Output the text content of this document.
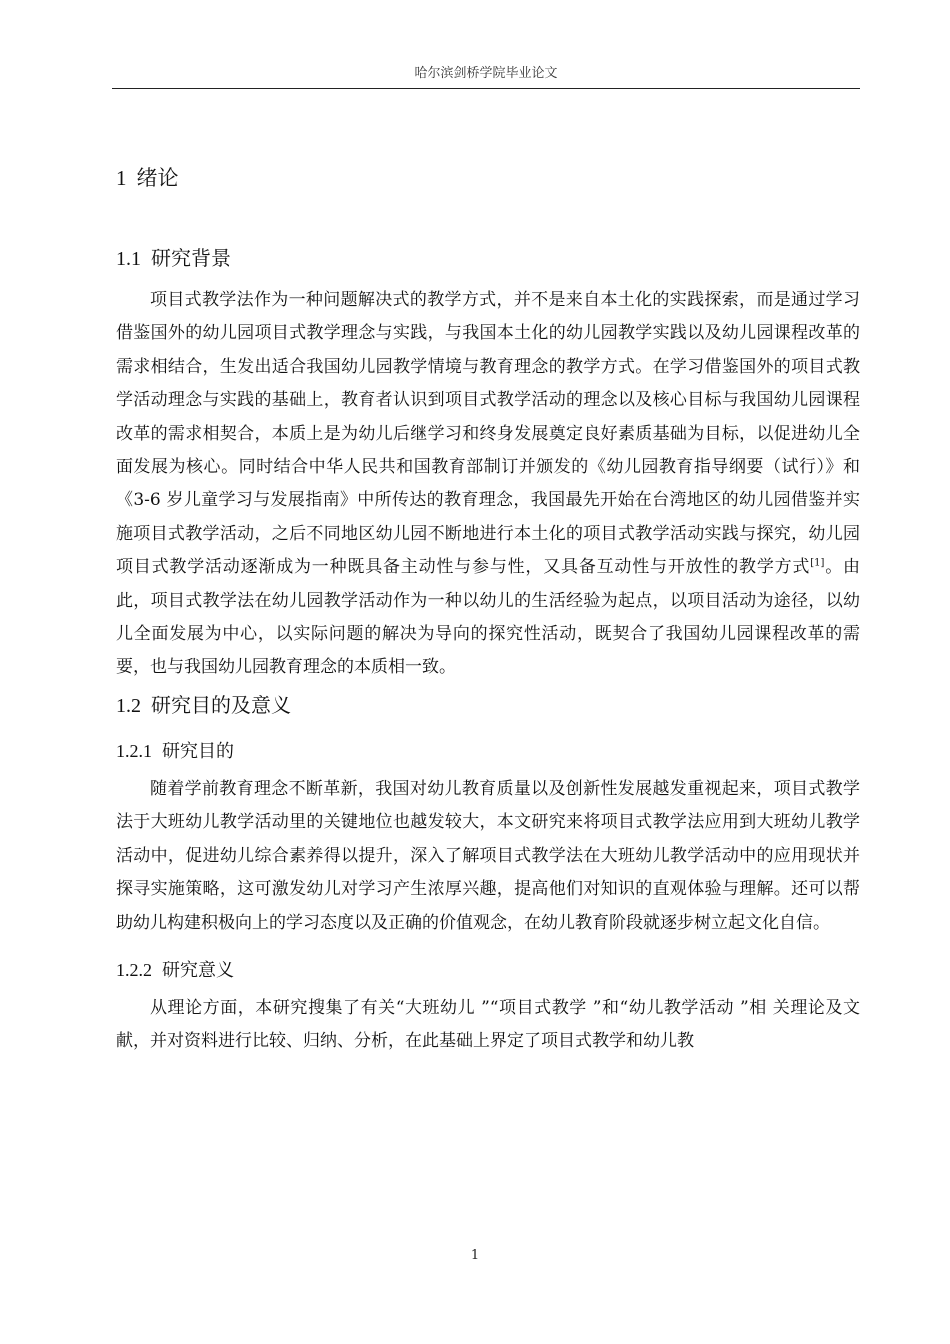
哈尔滨剑桥学院毕业论文
1 绪论
1.1 研究背景

项目式教学法作为一种问题解决式的教学方式，并不是来自本土化的实践探索，而是通过学习借鉴国外的幼儿园项目式教学理念与实践，与我国本土化的幼儿园教学实践以及幼儿园课程改革的需求相结合，生发出适合我国幼儿园教学情境与教育理念的教学方式。在学习借鉴国外的项目式教学活动理念与实践的基础上，教育者认识到项目式教学活动的理念以及核心目标与我国幼儿园课程改革的需求相契合，本质上是为幼儿后继学习和终身发展奠定良好素质基础为目标，以促进幼儿全面发展为核心。同时结合中华人民共和国教育部制订并颁发的《幼儿园教育指导纲要（试行）》和《3-6 岁儿童学习与发展指南》中所传达的教育理念，我国最先开始在台湾地区的幼儿园借鉴并实施项目式教学活动，之后不同地区幼儿园不断地进行本土化的项目式教学活动实践与探究，幼儿园项目式教学活动逐渐成为一种既具备主动性与参与性，又具备互动性与开放性的教学方式[1]。由此，项目式教学法在幼儿园教学活动作为一种以幼儿的生活经验为起点，以项目活动为途径，以幼儿全面发展为中心，以实际问题的解决为导向的探究性活动，既契合了我国幼儿园课程改革的需要，也与我国幼儿园教育理念的本质相一致。

1.2 研究目的及意义
1.2.1 研究目的

随着学前教育理念不断革新，我国对幼儿教育质量以及创新性发展越发重视起来，项目式教学法于大班幼儿教学活动里的关键地位也越发较大，本文研究来将项目式教学法应用到大班幼儿教学活动中，促进幼儿综合素养得以提升，深入了解项目式教学法在大班幼儿教学活动中的应用现状并探寻实施策略，这可激发幼儿对学习产生浓厚兴趣，提高他们对知识的直观体验与理解。还可以帮助幼儿构建积极向上的学习态度以及正确的价值观念，在幼儿教育阶段就逐步树立起文化自信。

1.2.2 研究意义

从理论方面，本研究搜集了有关“大班幼儿 ”“项目式教学 ”和“幼儿教学活动 ”相 关理论及文献，并对资料进行比较、归纳、分析，在此基础上界定了项目式教学和幼儿教

1
